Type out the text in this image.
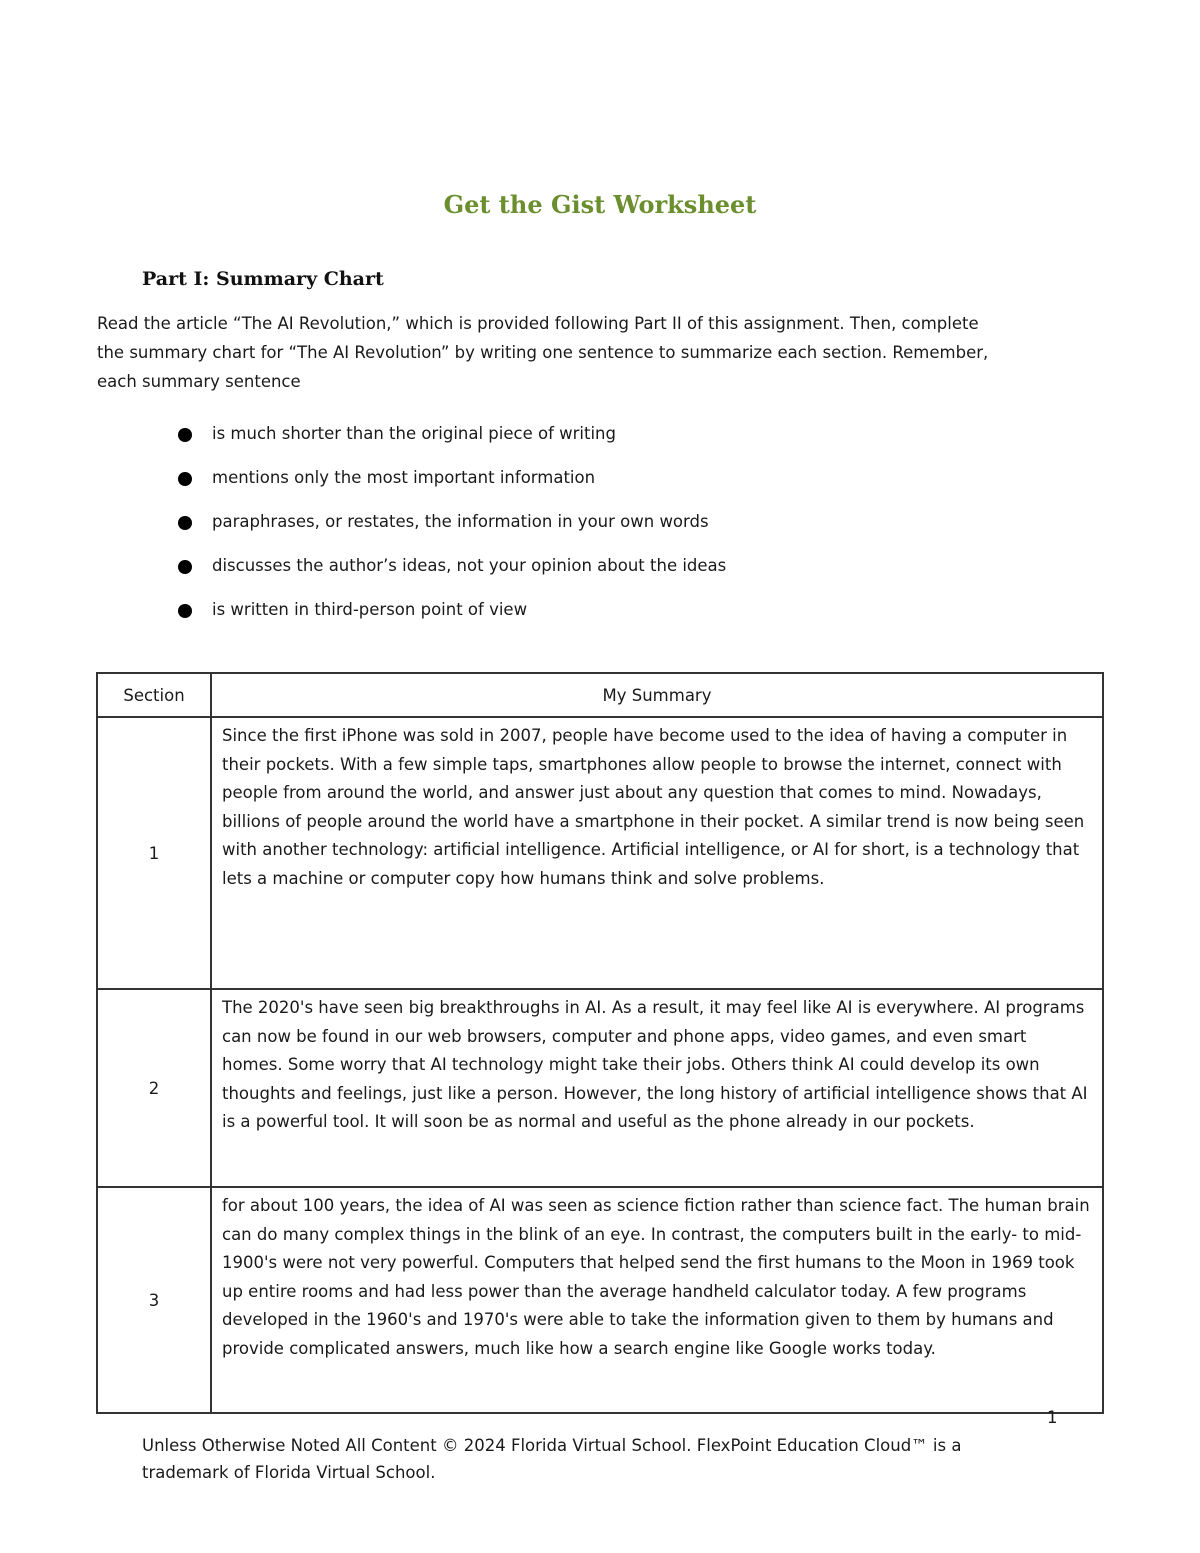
Get the Gist Worksheet
Part I: Summary Chart
Read the article “The AI Revolution,” which is provided following Part II of this assignment. Then, complete
the summary chart for “The AI Revolution” by writing one sentence to summarize each section. Remember,
each summary sentence
is much shorter than the original piece of writing
mentions only the most important information
paraphrases, or restates, the information in your own words
discusses the author’s ideas, not your opinion about the ideas
is written in third-person point of view
Section	My Summary
1	Since the first iPhone was sold in 2007, people have become used to the idea of having a computer in their pockets. With a few simple taps, smartphones allow people to browse the internet, connect with people from around the world, and answer just about any question that comes to mind. Nowadays, billions of people around the world have a smartphone in their pocket. A similar trend is now being seen with another technology: artificial intelligence. Artificial intelligence, or AI for short, is a technology that lets a machine or computer copy how humans think and solve problems.
2	The 2020's have seen big breakthroughs in AI. As a result, it may feel like AI is everywhere. AI programs can now be found in our web browsers, computer and phone apps, video games, and even smart homes. Some worry that AI technology might take their jobs. Others think AI could develop its own thoughts and feelings, just like a person. However, the long history of artificial intelligence shows that AI is a powerful tool. It will soon be as normal and useful as the phone already in our pockets.
3	for about 100 years, the idea of AI was seen as science fiction rather than science fact. The human brain can do many complex things in the blink of an eye. In contrast, the computers built in the early- to mid-1900's were not very powerful. Computers that helped send the first humans to the Moon in 1969 took up entire rooms and had less power than the average handheld calculator today. A few programs developed in the 1960's and 1970's were able to take the information given to them by humans and provide complicated answers, much like how a search engine like Google works today.
1
Unless Otherwise Noted All Content © 2024 Florida Virtual School. FlexPoint Education Cloud™ is a
trademark of Florida Virtual School.
